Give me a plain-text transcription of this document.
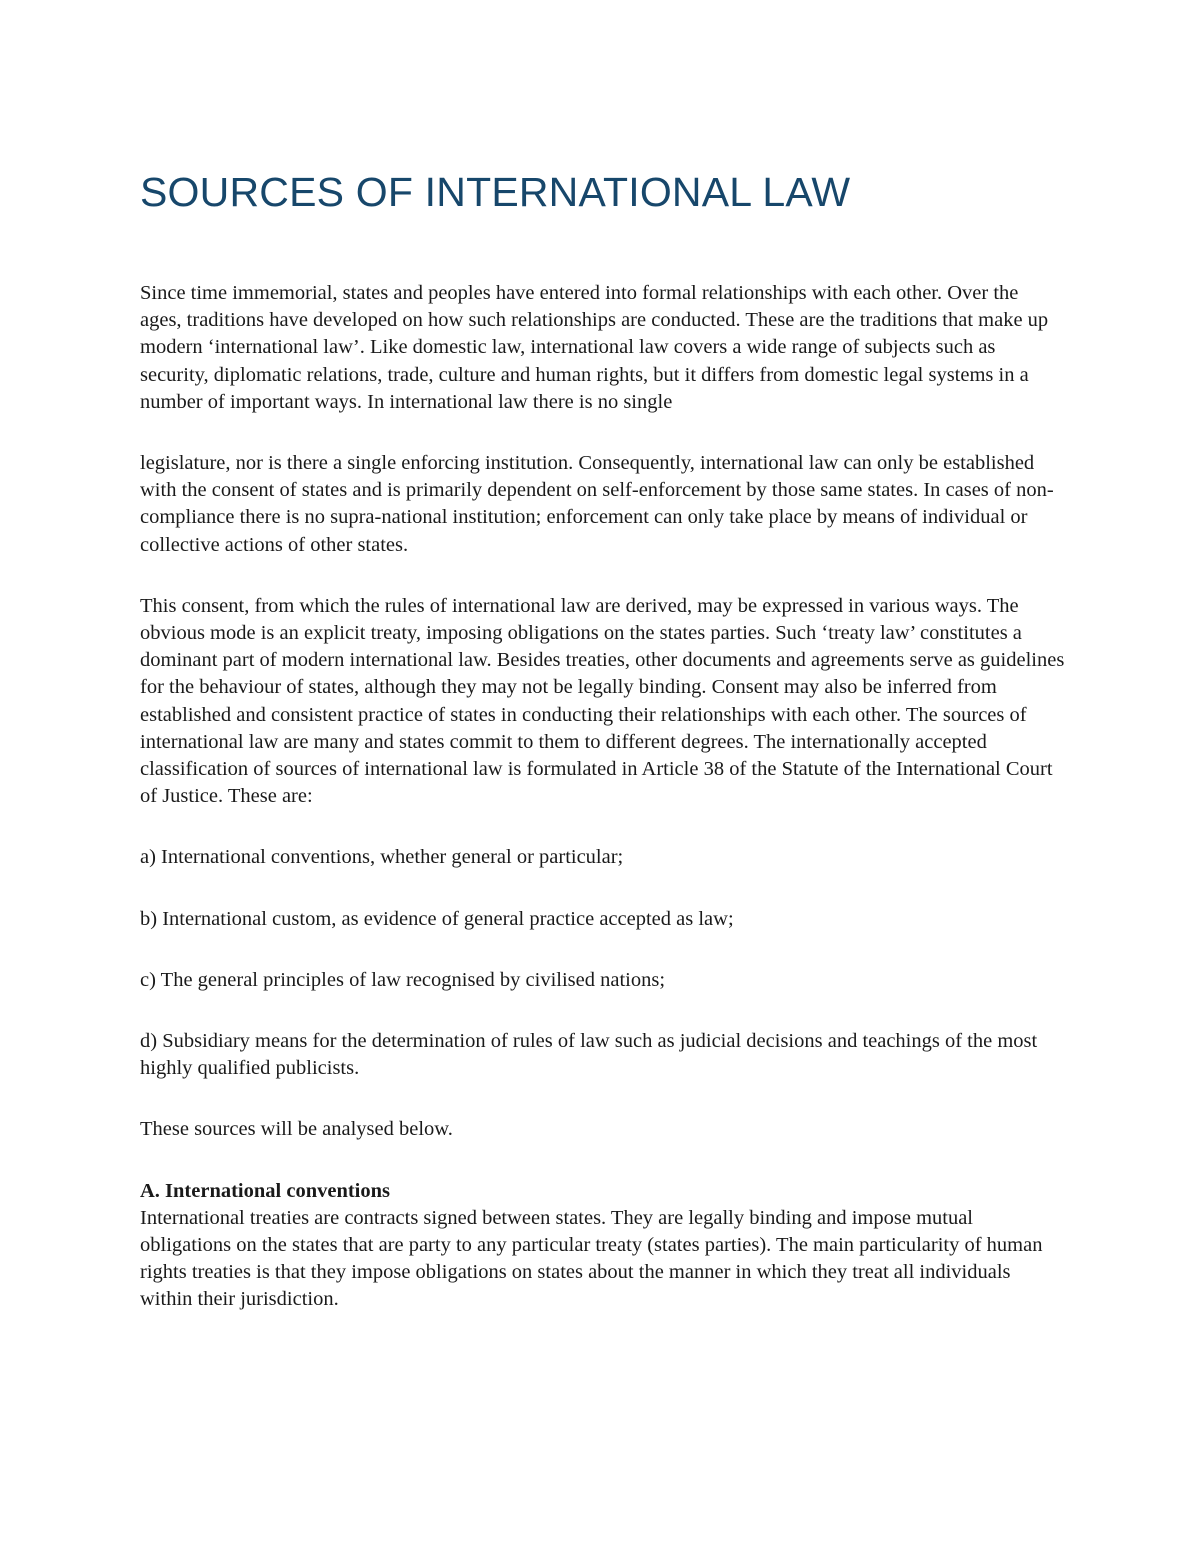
SOURCES OF INTERNATIONAL LAW

Since time immemorial, states and peoples have entered into formal relationships with each other. Over the ages, traditions have developed on how such relationships are conducted. These are the traditions that make up modern ‘international law’. Like domestic law, international law covers a wide range of subjects such as security, diplomatic relations, trade, culture and human rights, but it differs from domestic legal systems in a number of important ways. In international law there is no single

legislature, nor is there a single enforcing institution. Consequently, international law can only be established with the consent of states and is primarily dependent on self-enforcement by those same states. In cases of non-compliance there is no supra-national institution; enforcement can only take place by means of individual or collective actions of other states.

This consent, from which the rules of international law are derived, may be expressed in various ways. The obvious mode is an explicit treaty, imposing obligations on the states parties. Such ‘treaty law’ constitutes a dominant part of modern international law. Besides treaties, other documents and agreements serve as guidelines for the behaviour of states, although they may not be legally binding. Consent may also be inferred from established and consistent practice of states in conducting their relationships with each other. The sources of international law are many and states commit to them to different degrees. The internationally accepted classification of sources of international law is formulated in Article 38 of the Statute of the International Court of Justice. These are:

a) International conventions, whether general or particular;

b) International custom, as evidence of general practice accepted as law;

c) The general principles of law recognised by civilised nations;

d) Subsidiary means for the determination of rules of law such as judicial decisions and teachings of the most highly qualified publicists.

These sources will be analysed below.

A. International conventions

International treaties are contracts signed between states. They are legally binding and impose mutual obligations on the states that are party to any particular treaty (states parties). The main particularity of human rights treaties is that they impose obligations on states about the manner in which they treat all individuals within their jurisdiction.
